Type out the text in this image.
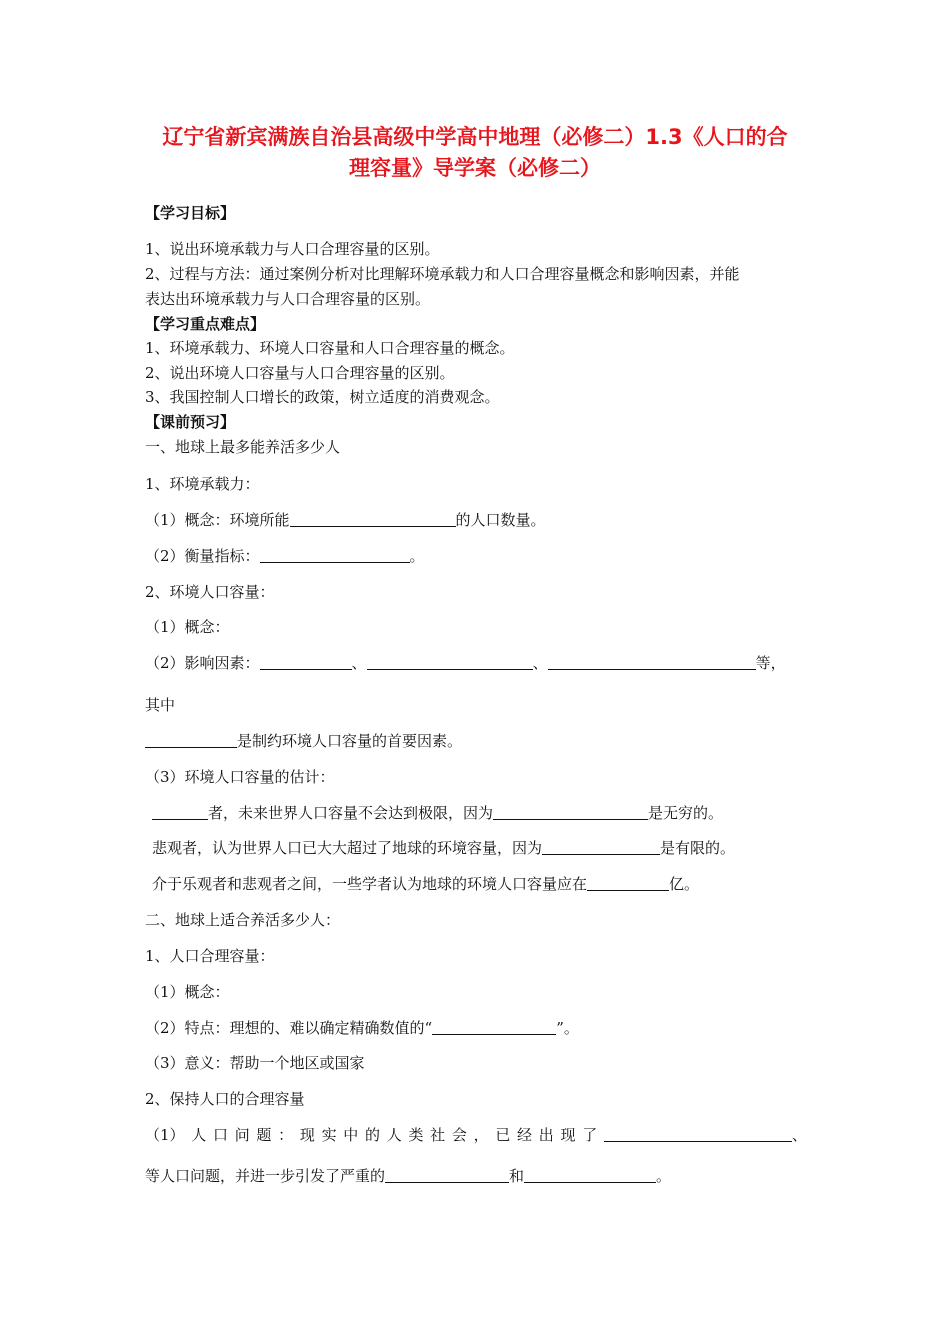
辽宁省新宾满族自治县高级中学高中地理（必修二）1.3《人口的合
理容量》导学案（必修二）
【学习目标】
1、说出环境承载力与人口合理容量的区别。
2、过程与方法：通过案例分析对比理解环境承载力和人口合理容量概念和影响因素，并能
表达出环境承载力与人口合理容量的区别。
【学习重点难点】
1、环境承载力、环境人口容量和人口合理容量的概念。
2、说出环境人口容量与人口合理容量的区别。
3、我国控制人口增长的政策，树立适度的消费观念。
【课前预习】
一、地球上最多能养活多少人
1、环境承载力：
（1）概念：环境所能	的人口数量。
（2）衡量指标：	。
2、环境人口容量：
（1）概念：
（2）影响因素：	、	、	等，
其中
是制约环境人口容量的首要因素。
（3）环境人口容量的估计：
者，未来世界人口容量不会达到极限，因为	是无穷的。
悲观者，认为世界人口已大大超过了地球的环境容量，因为	是有限的。
介于乐观者和悲观者之间，一些学者认为地球的环境人口容量应在	亿。
二、地球上适合养活多少人：
1、人口合理容量：
（1）概念：
（2）特点：理想的、难以确定精确数值的“	”。
（3）意义：帮助一个地区或国家
2、保持人口的合理容量
（1） 人 口 问 题 ： 现 实 中 的 人 类 社 会 ， 已 经 出 现 了	、
等人口问题，并进一步引发了严重的	和	。
